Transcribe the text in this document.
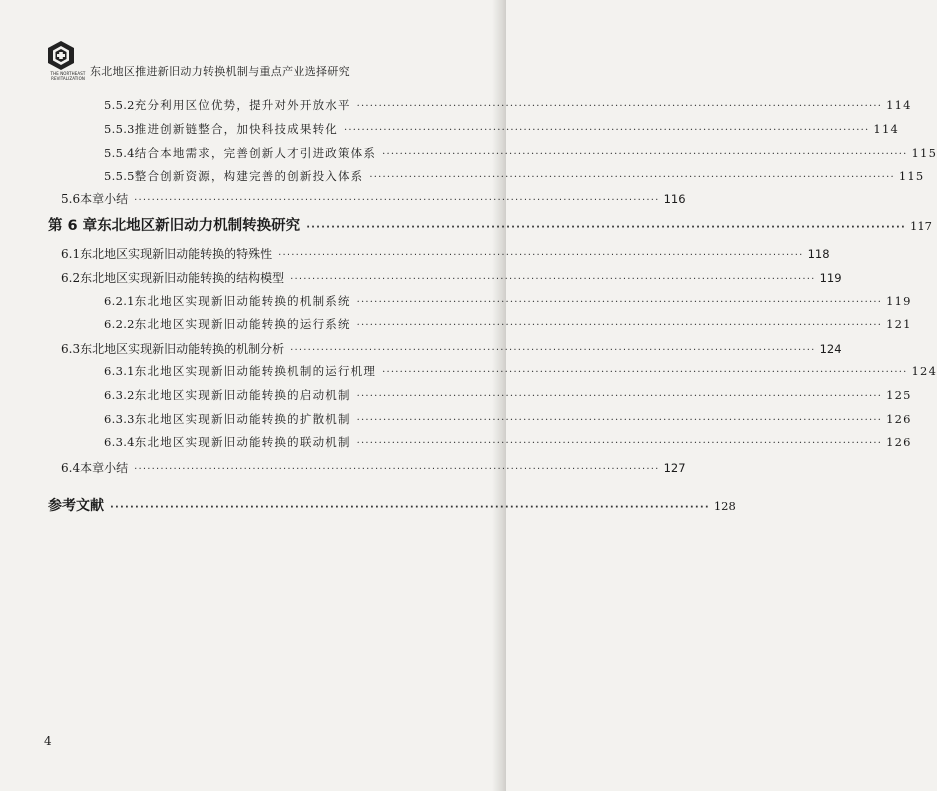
THE NORTHEAST
REVITALIZATION
东北地区推进新旧动力转换机制与重点产业选择研究
5.5.2 充分利用区位优势，提升对外开放水平 ························································································································ 114
5.5.3 推进创新链整合，加快科技成果转化 ························································································································ 114
5.5.4 结合本地需求，完善创新人才引进政策体系 ························································································································ 115
5.5.5 整合创新资源，构建完善的创新投入体系 ························································································································ 115
5.6 本章小结 ························································································································ 116
第 6 章 东北地区新旧动力机制转换研究 ························································································································ 117
6.1 东北地区实现新旧动能转换的特殊性 ························································································································ 118
6.2 东北地区实现新旧动能转换的结构模型 ························································································································ 119
6.2.1 东北地区实现新旧动能转换的机制系统 ························································································································ 119
6.2.2 东北地区实现新旧动能转换的运行系统 ························································································································ 121
6.3 东北地区实现新旧动能转换的机制分析 ························································································································ 124
6.3.1 东北地区实现新旧动能转换机制的运行机理 ························································································································ 124
6.3.2 东北地区实现新旧动能转换的启动机制 ························································································································ 125
6.3.3 东北地区实现新旧动能转换的扩散机制 ························································································································ 126
6.3.4 东北地区实现新旧动能转换的联动机制 ························································································································ 126
6.4 本章小结 ························································································································ 127
参考文献 ························································································································ 128
4
